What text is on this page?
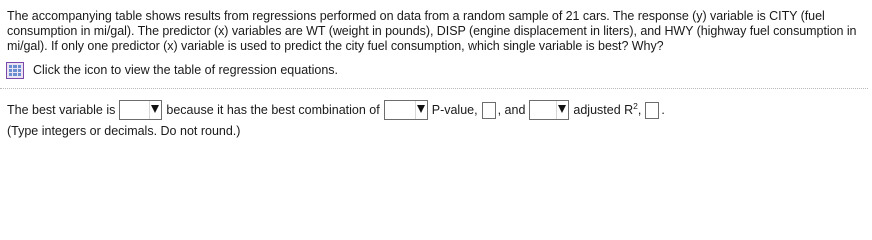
The accompanying table shows results from regressions performed on data from a random sample of 21 cars. The response (y) variable is CITY (fuel consumption in mi/gal). The predictor (x) variables are WT (weight in pounds), DISP (engine displacement in liters), and HWY (highway fuel consumption in mi/gal). If only one predictor (x) variable is used to predict the city fuel consumption, which single variable is best? Why?
Click the icon to view the table of regression equations.
The best variable is	because it has the best combination of	P-value, , and	adjusted $R^2$, .
(Type integers or decimals. Do not round.)
